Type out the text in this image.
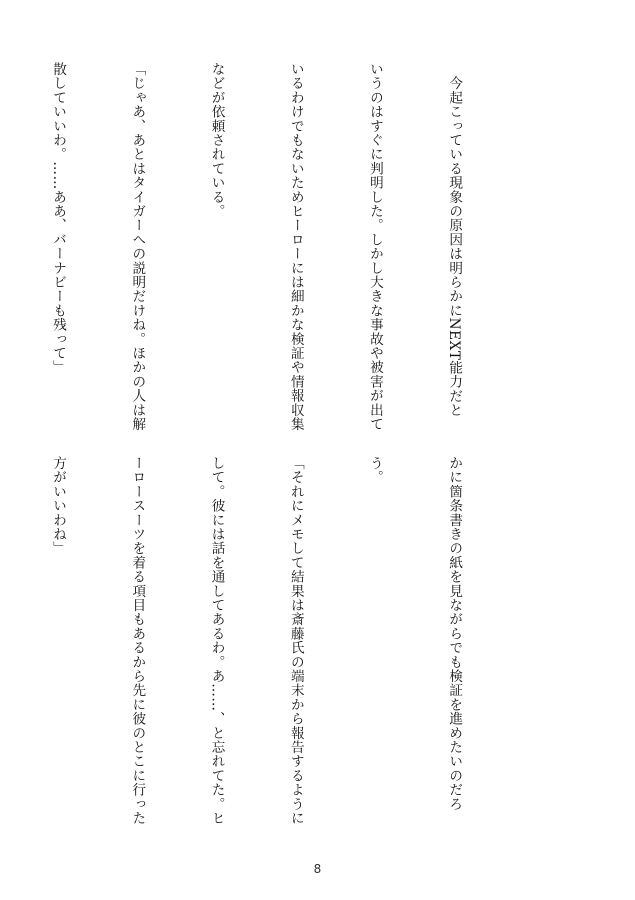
　今起こっている現象の原因は明らかにNEXT能力だと

いうのはすぐに判明した。しかし大きな事故や被害が出て

いるわけでもないためヒーローには細かな検証や情報収集

などが依頼されている。

「じゃあ、あとはタイガーへの説明だけね。ほかの人は解

散していいわ。……ああ、バーナビーも残って」

かに箇条書きの紙を見ながらでも検証を進めたいのだろ

う。

「それにメモして結果は斎藤氏の端末から報告するように

して。彼には話を通してあるわ。あ……、と忘れてた。ヒ

ーロースーツを着る項目もあるから先に彼のとこに行った

方がいいわね」

8
